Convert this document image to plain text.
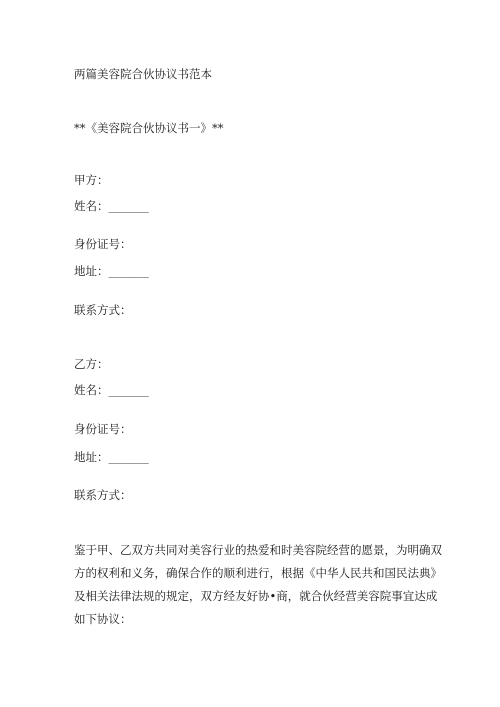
两篇美容院合伙协议书范本
**《美容院合伙协议书一》**
甲方：
姓名：_______
身份证号：
地址：_______
联系方式：
乙方：
姓名：_______
身份证号：
地址：_______
联系方式：
鉴于甲、乙双方共同对美容行业的热爱和时美容院经营的愿景，为明确双
方的权利和义务，确保合作的顺利进行，根据《中华人民共和国民法典》
及相关法律法规的规定，双方经友好协•商，就合伙经营美容院事宜达成
如下协议：
